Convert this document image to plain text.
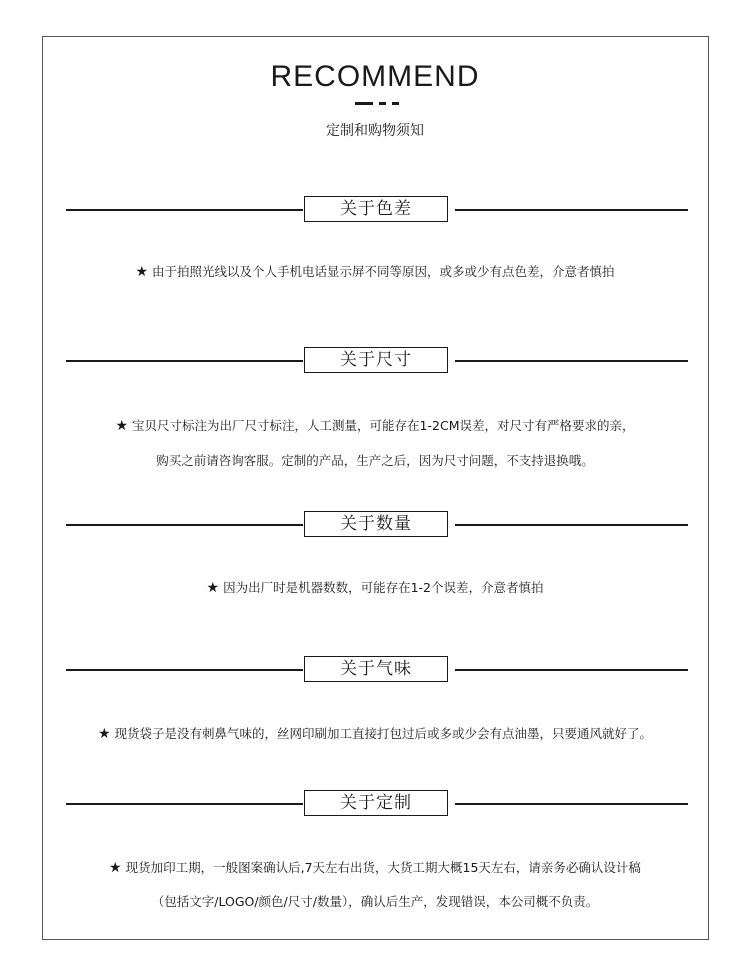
RECOMMEND
定制和购物须知
关于色差
★ 由于拍照光线以及个人手机电话显示屏不同等原因，或多或少有点色差，介意者慎拍
关于尺寸
★ 宝贝尺寸标注为出厂尺寸标注，人工测量，可能存在1-2CM误差，对尺寸有严格要求的亲，
购买之前请咨询客服。定制的产品，生产之后，因为尺寸问题，不支持退换哦。
关于数量
★ 因为出厂时是机器数数，可能存在1-2个误差，介意者慎拍
关于气味
★ 现货袋子是没有刺鼻气味的，丝网印刷加工直接打包过后或多或少会有点油墨，只要通风就好了。
关于定制
★ 现货加印工期，一般图案确认后,7天左右出货，大货工期大概15天左右，请亲务必确认设计稿
（包括文字/LOGO/颜色/尺寸/数量），确认后生产，发现错误，本公司概不负责。
